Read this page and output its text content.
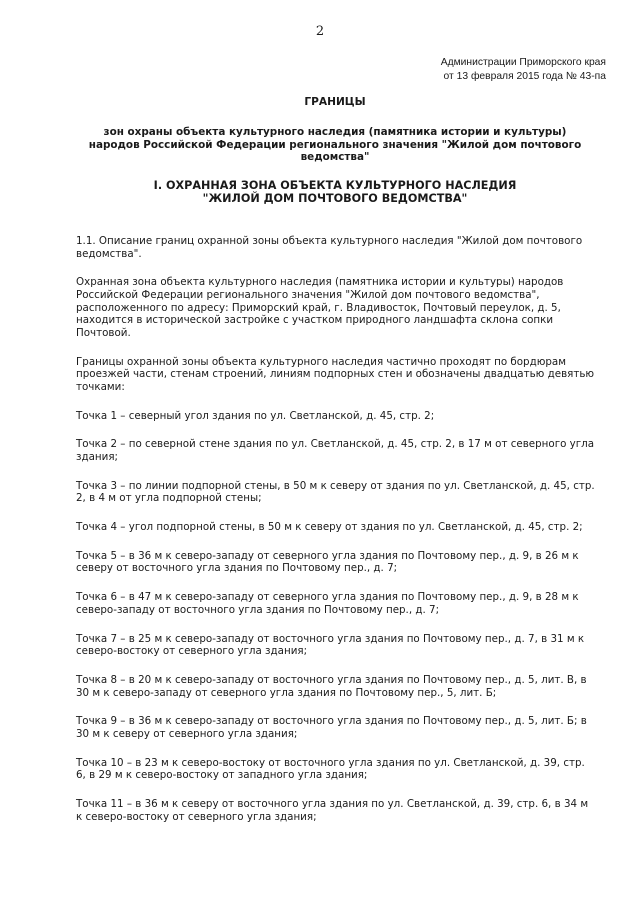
2
Администрации Приморского края
от 13 февраля 2015 года № 43-па
ГРАНИЦЫ
зон охраны объекта культурного наследия (памятника истории и культуры) народов Российской Федерации регионального значения "Жилой дом почтового ведомства"
I. ОХРАННАЯ ЗОНА ОБЪЕКТА КУЛЬТУРНОГО НАСЛЕДИЯ "ЖИЛОЙ ДОМ ПОЧТОВОГО ВЕДОМСТВА"

1.1. Описание границ охранной зоны объекта культурного наследия "Жилой дом почтового ведомства".

Охранная зона объекта культурного наследия (памятника истории и культуры) народов Российской Федерации регионального значения "Жилой дом почтового ведомства", расположенного по адресу: Приморский край, г. Владивосток, Почтовый переулок, д. 5, находится в исторической застройке с участком природного ландшафта склона сопки Почтовой.

Границы охранной зоны объекта культурного наследия частично проходят по бордюрам проезжей части, стенам строений, линиям подпорных стен и обозначены двадцатью девятью точками:

Точка 1 – северный угол здания по ул. Светланской, д. 45, стр. 2;

Точка 2 – по северной стене здания по ул. Светланской, д. 45, стр. 2, в 17 м от северного угла здания;

Точка 3 – по линии подпорной стены, в 50 м к северу от здания по ул. Светланской, д. 45, стр. 2, в 4 м от угла подпорной стены;

Точка 4 – угол подпорной стены, в 50 м к северу от здания по ул. Светланской, д. 45, стр. 2;

Точка 5 – в 36 м к северо-западу от северного угла здания по Почтовому пер., д. 9, в 26 м к северу от восточного угла здания по Почтовому пер., д. 7;

Точка 6 – в 47 м к северо-западу от северного угла здания по Почтовому пер., д. 9, в 28 м к северо-западу от восточного угла здания по Почтовому пер., д. 7;

Точка 7 – в 25 м к северо-западу от восточного угла здания по Почтовому пер., д. 7, в 31 м к северо-востоку от северного угла здания;

Точка 8 – в 20 м к северо-западу от восточного угла здания по Почтовому пер., д. 5, лит. В, в 30 м к северо-западу от северного угла здания по Почтовому пер., 5, лит. Б;

Точка 9 – в 36 м к северо-западу от восточного угла здания по Почтовому пер., д. 5, лит. Б; в 30 м к северу от северного угла здания;

Точка 10 – в 23 м к северо-востоку от восточного угла здания по ул. Светланской, д. 39, стр. 6, в 29 м к северо-востоку от западного угла здания;

Точка 11 – в 36 м к северу от восточного угла здания по ул. Светланской, д. 39, стр. 6, в 34 м к северо-востоку от северного угла здания;
